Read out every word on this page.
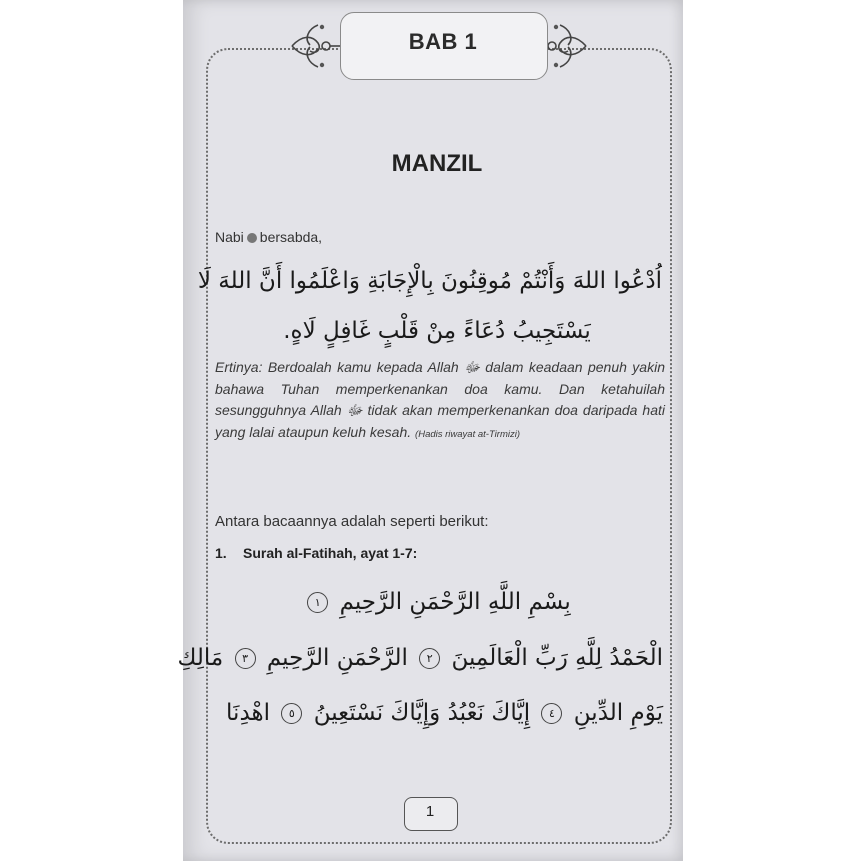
BAB 1
MANZIL
Nabi bersabda,
اُدْعُوا اللهَ وَأَنْتُمْ مُوقِنُونَ بِالْإِجَابَةِ وَاعْلَمُوا أَنَّ اللهَ لَا
يَسْتَجِيبُ دُعَاءً مِنْ قَلْبٍ غَافِلٍ لَاهٍ.
Ertinya: Berdoalah kamu kepada Allah ﷻ dalam keadaan penuh yakin bahawa Tuhan memperkenankan doa kamu. Dan ketahuilah sesungguhnya Allah ﷻ tidak akan memperkenankan doa daripada hati yang lalai ataupun keluh kesah. (Hadis riwayat at-Tirmizi)
Antara bacaannya adalah seperti berikut:
1. Surah al-Fatihah, ayat 1-7:
بِسْمِ اللَّهِ الرَّحْمَنِ الرَّحِيمِ ١
الْحَمْدُ لِلَّهِ رَبِّ الْعَالَمِينَ ٢ الرَّحْمَنِ الرَّحِيمِ ٣ مَالِكِ
يَوْمِ الدِّينِ ٤ إِيَّاكَ نَعْبُدُ وَإِيَّاكَ نَسْتَعِينُ ٥ اهْدِنَا
1
